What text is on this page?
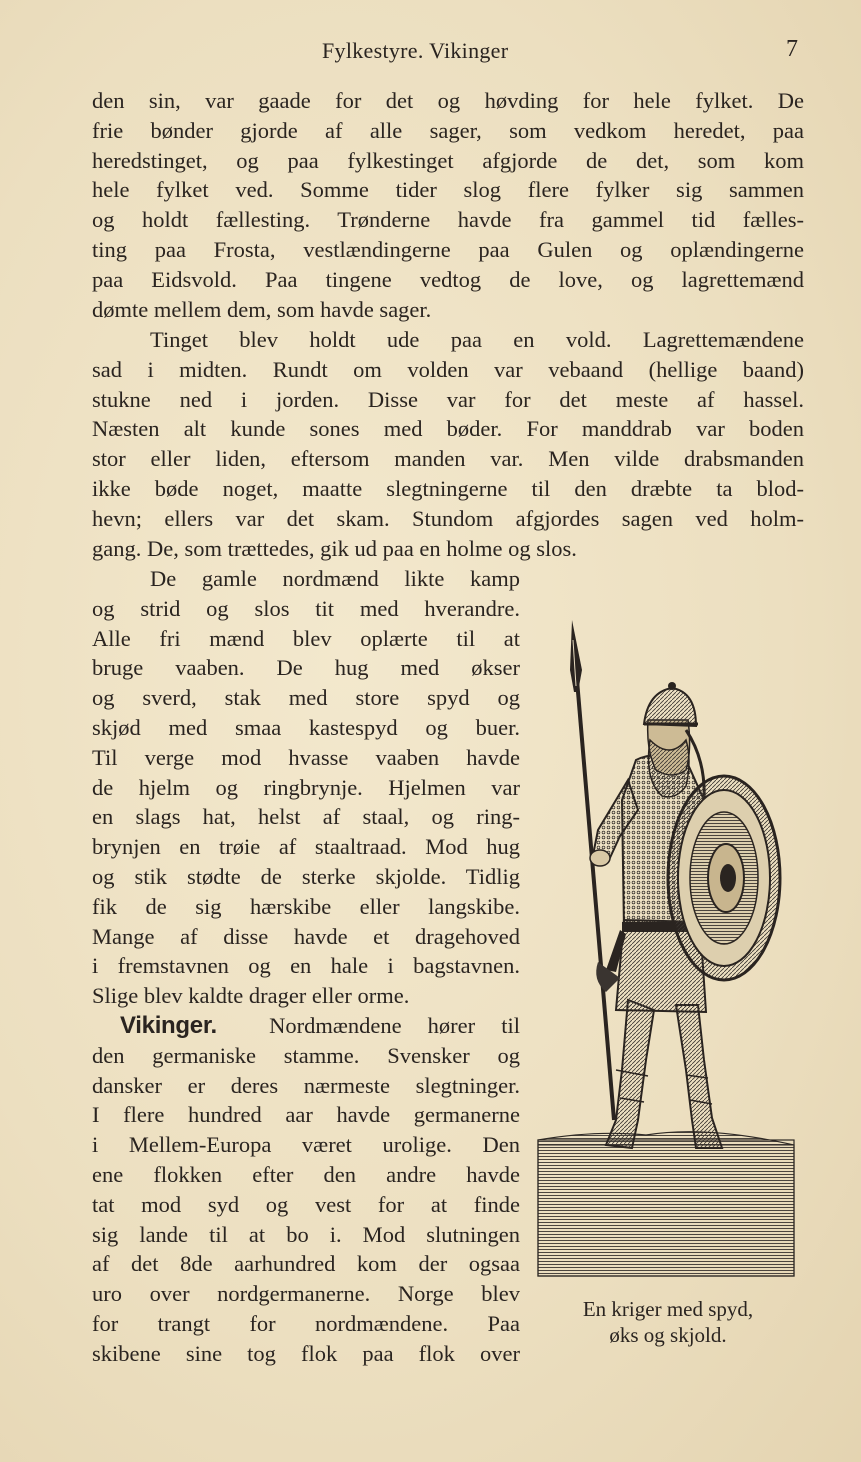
Fylkestyre. Vikinger	7
den sin, var gaade for det og høvding for hele fylket. De
frie bønder gjorde af alle sager, som vedkom heredet, paa
heredstinget, og paa fylkestinget afgjorde de det, som kom
hele fylket ved. Somme tider slog flere fylker sig sammen
og holdt fællesting. Trønderne havde fra gammel tid fælles-
ting paa Frosta, vestlændingerne paa Gulen og oplændingerne
paa Eidsvold. Paa tingene vedtog de love, og lagrettemænd
dømte mellem dem, som havde sager.
Tinget blev holdt ude paa en vold. Lagrettemændene
sad i midten. Rundt om volden var vebaand (hellige baand)
stukne ned i jorden. Disse var for det meste af hassel.
Næsten alt kunde sones med bøder. For manddrab var boden
stor eller liden, eftersom manden var. Men vilde drabsmanden
ikke bøde noget, maatte slegtningerne til den dræbte ta blod-
hevn; ellers var det skam. Stundom afgjordes sagen ved holm-
gang. De, som trættedes, gik ud paa en holme og slos.
De gamle nordmænd likte kamp
og strid og slos tit med hverandre.
Alle fri mænd blev oplærte til at
bruge vaaben. De hug med økser
og sverd, stak med store spyd og
skjød med smaa kastespyd og buer.
Til verge mod hvasse vaaben havde
de hjelm og ringbrynje. Hjelmen var
en slags hat, helst af staal, og ring-
brynjen en trøie af staaltraad. Mod hug
og stik stødte de sterke skjolde. Tidlig
fik de sig hærskibe eller langskibe.
Mange af disse havde et dragehoved
i fremstavnen og en hale i bagstavnen.
Slige blev kaldte drager eller orme.
Vikinger. Nordmændene hører til
den germaniske stamme. Svensker og
dansker er deres nærmeste slegtninger.
I flere hundred aar havde germanerne
i Mellem-Europa været urolige. Den
ene flokken efter den andre havde
tat mod syd og vest for at finde
sig lande til at bo i. Mod slutningen
af det 8de aarhundred kom der ogsaa
uro over nordgermanerne. Norge blev
for trangt for nordmændene. Paa
skibene sine tog flok paa flok over
En kriger med spyd,
øks og skjold.
